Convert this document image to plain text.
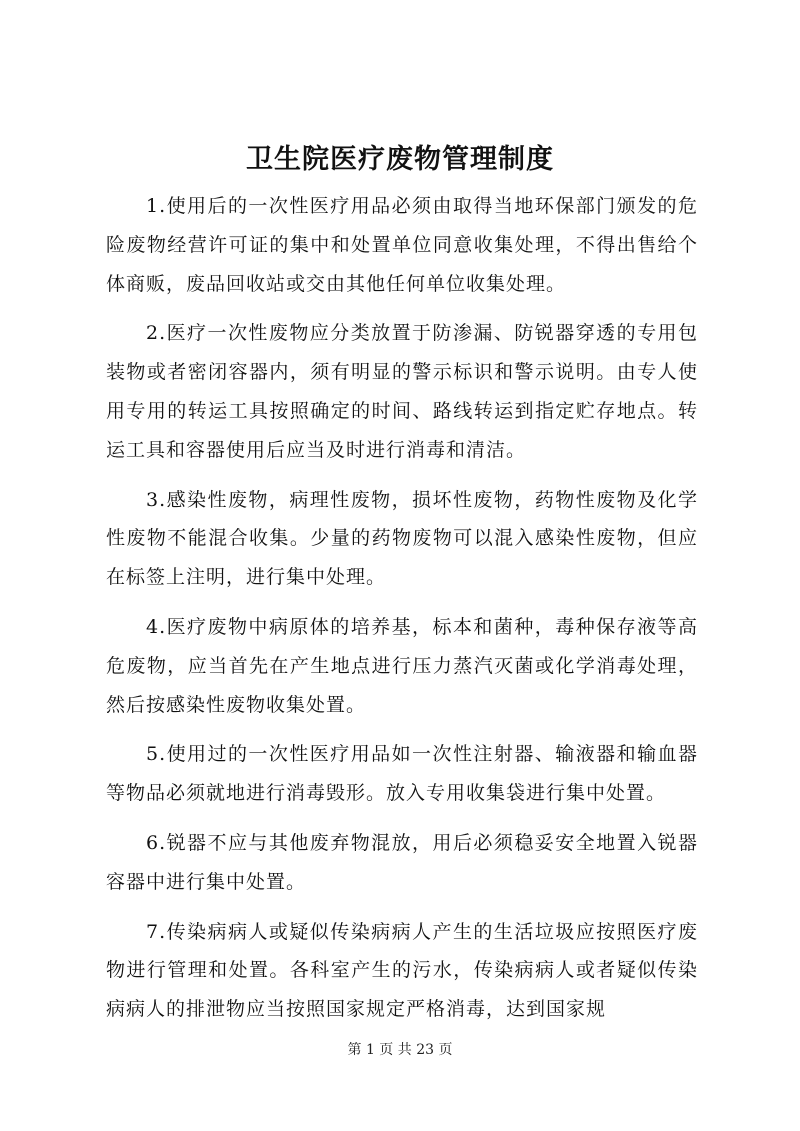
卫生院医疗废物管理制度

1.使用后的一次性医疗用品必须由取得当地环保部门颁发的危险废物经营许可证的集中和处置单位同意收集处理，不得出售给个体商贩，废品回收站或交由其他任何单位收集处理。

2.医疗一次性废物应分类放置于防渗漏、防锐器穿透的专用包装物或者密闭容器内，须有明显的警示标识和警示说明。由专人使用专用的转运工具按照确定的时间、路线转运到指定贮存地点。转运工具和容器使用后应当及时进行消毒和清洁。

3.感染性废物，病理性废物，损坏性废物，药物性废物及化学性废物不能混合收集。少量的药物废物可以混入感染性废物，但应在标签上注明，进行集中处理。

4.医疗废物中病原体的培养基，标本和菌种，毒种保存液等高危废物，应当首先在产生地点进行压力蒸汽灭菌或化学消毒处理，然后按感染性废物收集处置。

5.使用过的一次性医疗用品如一次性注射器、输液器和输血器等物品必须就地进行消毒毁形。放入专用收集袋进行集中处置。

6.锐器不应与其他废弃物混放，用后必须稳妥安全地置入锐器容器中进行集中处置。

7.传染病病人或疑似传染病病人产生的生活垃圾应按照医疗废物进行管理和处置。各科室产生的污水，传染病病人或者疑似传染病病人的排泄物应当按照国家规定严格消毒，达到国家规

第 1 页 共 23 页
